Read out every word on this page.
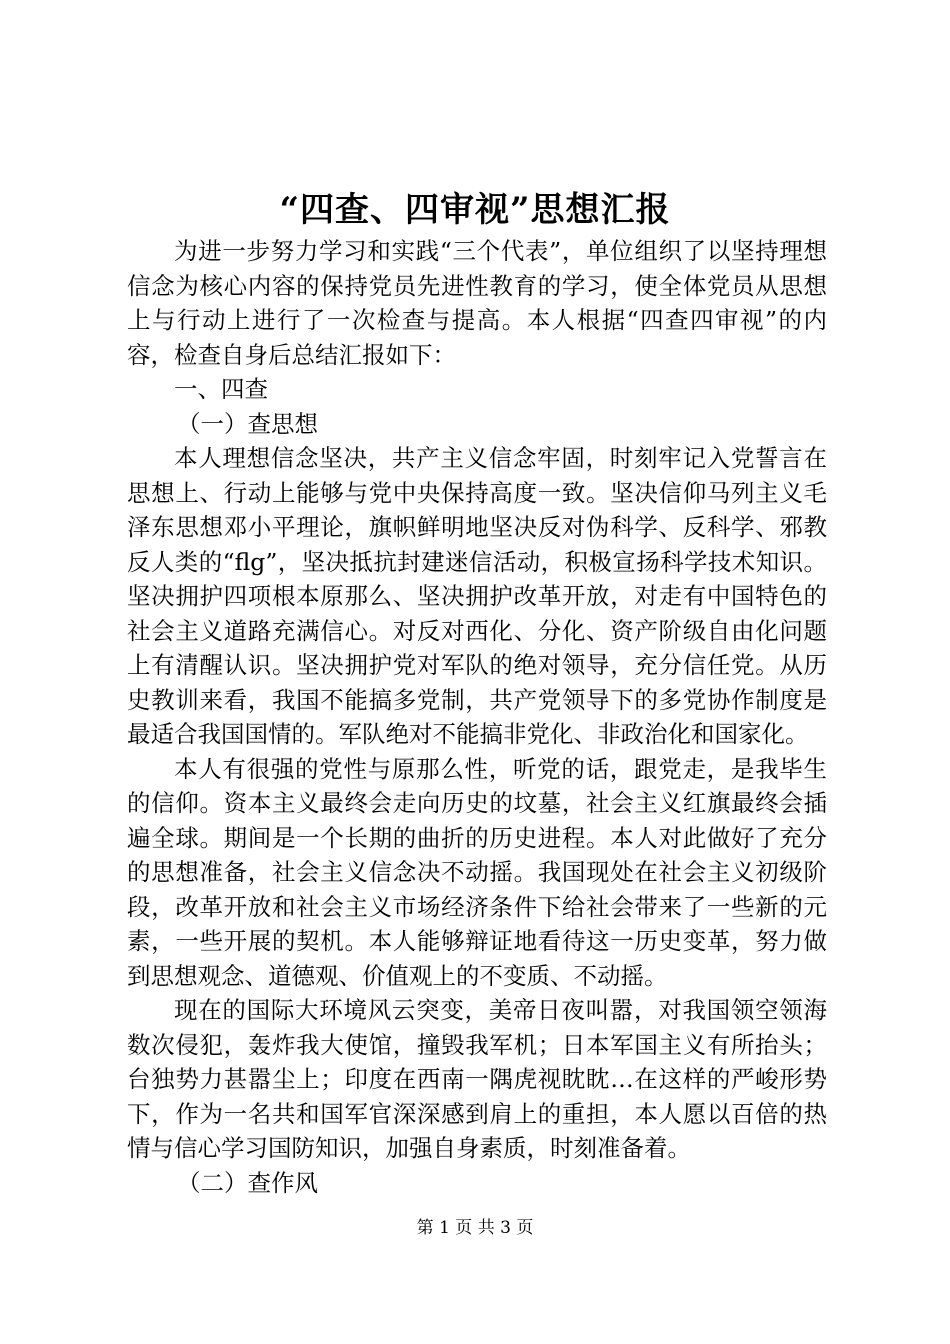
“四查、四审视”思想汇报

为进一步努力学习和实践“三个代表”，单位组织了以坚持理想信念为核心内容的保持党员先进性教育的学习，使全体党员从思想上与行动上进行了一次检查与提高。本人根据“四查四审视”的内容，检查自身后总结汇报如下：

一、四查

（一）查思想

本人理想信念坚决，共产主义信念牢固，时刻牢记入党誓言在思想上、行动上能够与党中央保持高度一致。坚决信仰马列主义毛泽东思想邓小平理论，旗帜鲜明地坚决反对伪科学、反科学、邪教反人类的“flg”，坚决抵抗封建迷信活动，积极宣扬科学技术知识。坚决拥护四项根本原那么、坚决拥护改革开放，对走有中国特色的社会主义道路充满信心。对反对西化、分化、资产阶级自由化问题上有清醒认识。坚决拥护党对军队的绝对领导，充分信任党。从历史教训来看，我国不能搞多党制，共产党领导下的多党协作制度是最适合我国国情的。军队绝对不能搞非党化、非政治化和国家化。

本人有很强的党性与原那么性，听党的话，跟党走，是我毕生的信仰。资本主义最终会走向历史的坟墓，社会主义红旗最终会插遍全球。期间是一个长期的曲折的历史进程。本人对此做好了充分的思想准备，社会主义信念决不动摇。我国现处在社会主义初级阶段，改革开放和社会主义市场经济条件下给社会带来了一些新的元素，一些开展的契机。本人能够辩证地看待这一历史变革，努力做到思想观念、道德观、价值观上的不变质、不动摇。

现在的国际大环境风云突变，美帝日夜叫嚣，对我国领空领海数次侵犯，轰炸我大使馆，撞毁我军机；日本军国主义有所抬头；台独势力甚嚣尘上；印度在西南一隅虎视眈眈…在这样的严峻形势下，作为一名共和国军官深深感到肩上的重担，本人愿以百倍的热情与信心学习国防知识，加强自身素质，时刻准备着。

（二）查作风

第 1 页 共 3 页
